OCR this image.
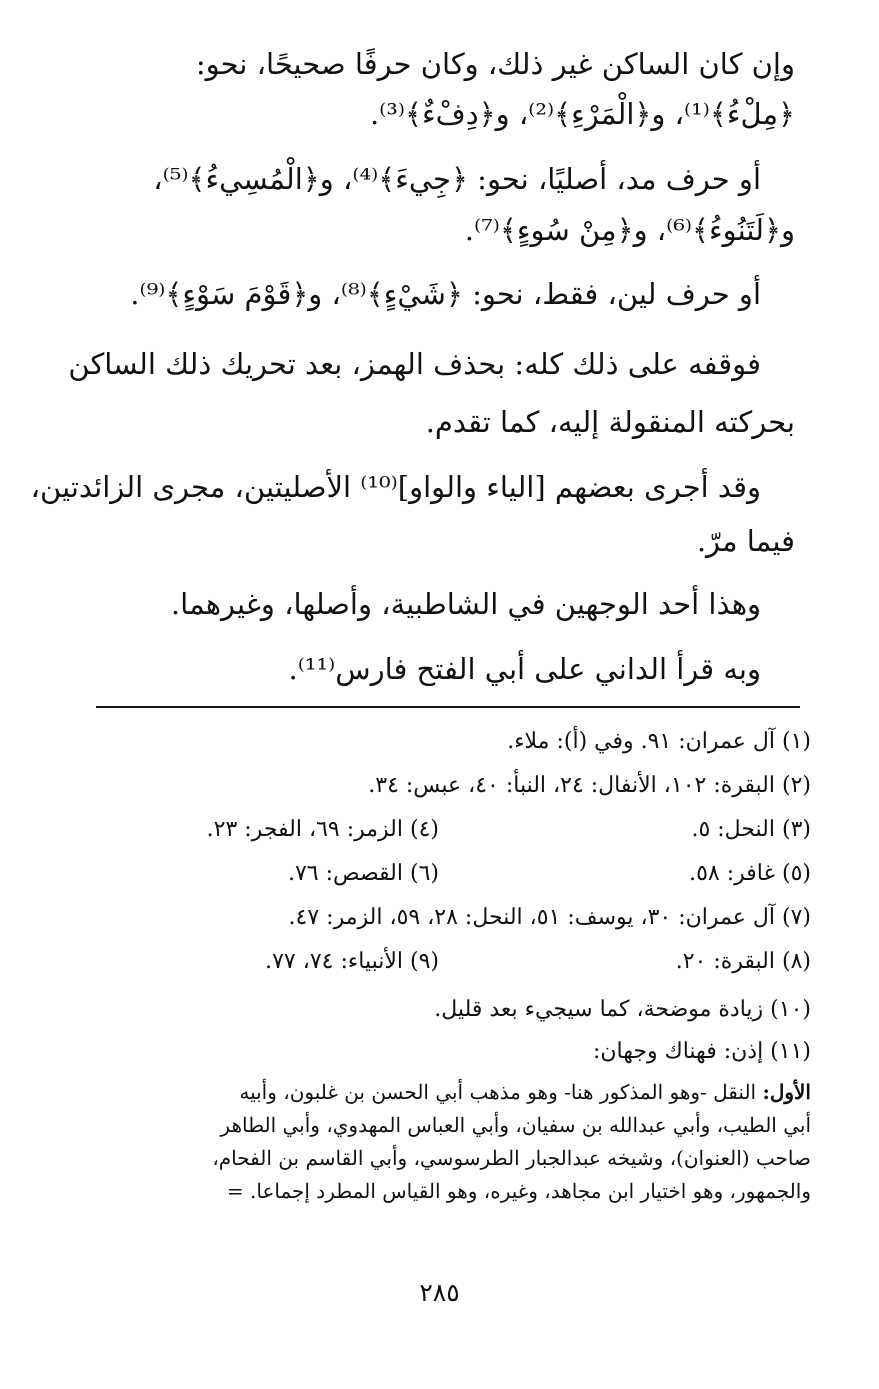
وإن كان الساكن غير ذلك، وكان حرفًا صحيحًا، نحو:
﴿مِلْءُ﴾⁽¹⁾، و﴿الْمَرْءِ﴾⁽²⁾، و﴿دِفْءٌ﴾⁽³⁾.
أو حرف مد، أصليًا، نحو: ﴿جِيءَ﴾⁽⁴⁾، و﴿الْمُسِيءُ﴾⁽⁵⁾،
و﴿لَتَنُوءُ﴾⁽⁶⁾، و﴿مِنْ سُوءٍ﴾⁽⁷⁾.
أو حرف لين، فقط، نحو: ﴿شَيْءٍ﴾⁽⁸⁾، و﴿قَوْمَ سَوْءٍ﴾⁽⁹⁾.
فوقفه على ذلك كله: بحذف الهمز، بعد تحريك ذلك الساكن
بحركته المنقولة إليه، كما تقدم.
وقد أجرى بعضهم [الياء والواو]⁽¹⁰⁾ الأصليتين، مجرى الزائدتين،
فيما مرّ.
وهذا أحد الوجهين في الشاطبية، وأصلها، وغيرهما.
وبه قرأ الداني على أبي الفتح فارس⁽¹¹⁾.
(١) آل عمران: ٩١. وفي (أ): ملاء.
(٢) البقرة: ١٠٢، الأنفال: ٢٤، النبأ: ٤٠، عبس: ٣٤.
(٣) النحل: ٥.
(٤) الزمر: ٦٩، الفجر: ٢٣.
(٥) غافر: ٥٨.
(٦) القصص: ٧٦.
(٧) آل عمران: ٣٠، يوسف: ٥١، النحل: ٢٨، ٥٩، الزمر: ٤٧.
(٨) البقرة: ٢٠.
(٩) الأنبياء: ٧٤، ٧٧.
(١٠) زيادة موضحة، كما سيجيء بعد قليل.
(١١) إذن: فهناك وجهان:
الأول: النقل -وهو المذكور هنا- وهو مذهب أبي الحسن بن غلبون، وأبيه
أبي الطيب، وأبي عبدالله بن سفيان، وأبي العباس المهدوي، وأبي الطاهر
صاحب (العنوان)، وشيخه عبدالجبار الطرسوسي، وأبي القاسم بن الفحام،
والجمهور، وهو اختيار ابن مجاهد، وغيره، وهو القياس المطرد إجماعا. =
٢٨٥
